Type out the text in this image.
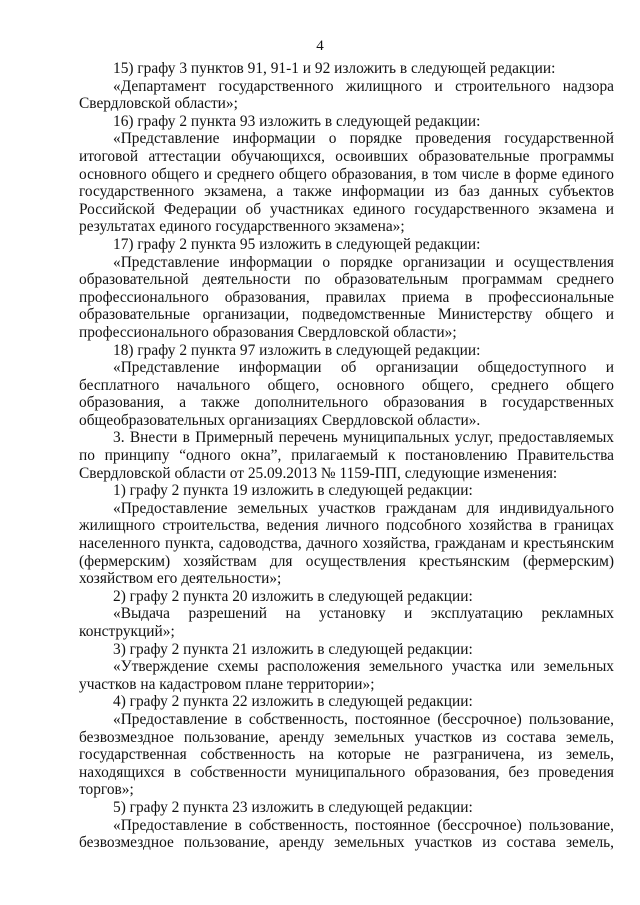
4

15) графу 3 пунктов 91, 91-1 и 92 изложить в следующей редакции:

«Департамент государственного жилищного и строительного надзора Свердловской области»;

16) графу 2 пункта 93 изложить в следующей редакции:

«Представление информации о порядке проведения государственной итоговой аттестации обучающихся, освоивших образовательные программы основного общего и среднего общего образования, в том числе в форме единого государственного экзамена, а также информации из баз данных субъектов Российской Федерации об участниках единого государственного экзамена и результатах единого государственного экзамена»;

17) графу 2 пункта 95 изложить в следующей редакции:

«Представление информации о порядке организации и осуществления образовательной деятельности по образовательным программам среднего профессионального образования, правилах приема в профессиональные образовательные организации, подведомственные Министерству общего и профессионального образования Свердловской области»;

18) графу 2 пункта 97 изложить в следующей редакции:

«Представление информации об организации общедоступного и бесплатного начального общего, основного общего, среднего общего образования, а также дополнительного образования в государственных общеобразовательных организациях Свердловской области».

3. Внести в Примерный перечень муниципальных услуг, предоставляемых по принципу “одного окна”, прилагаемый к постановлению Правительства Свердловской области от 25.09.2013 № 1159-ПП, следующие изменения:

1) графу 2 пункта 19 изложить в следующей редакции:

«Предоставление земельных участков гражданам для индивидуального жилищного строительства, ведения личного подсобного хозяйства в границах населенного пункта, садоводства, дачного хозяйства, гражданам и крестьянским (фермерским) хозяйствам для осуществления крестьянским (фермерским) хозяйством его деятельности»;

2) графу 2 пункта 20 изложить в следующей редакции:

«Выдача разрешений на установку и эксплуатацию рекламных конструкций»;

3) графу 2 пункта 21 изложить в следующей редакции:

«Утверждение схемы расположения земельного участка или земельных участков на кадастровом плане территории»;

4) графу 2 пункта 22 изложить в следующей редакции:

«Предоставление в собственность, постоянное (бессрочное) пользование, безвозмездное пользование, аренду земельных участков из состава земель, государственная собственность на которые не разграничена, из земель, находящихся в собственности муниципального образования, без проведения торгов»;

5) графу 2 пункта 23 изложить в следующей редакции:

«Предоставление в собственность, постоянное (бессрочное) пользование, безвозмездное пользование, аренду земельных участков из состава земель,
